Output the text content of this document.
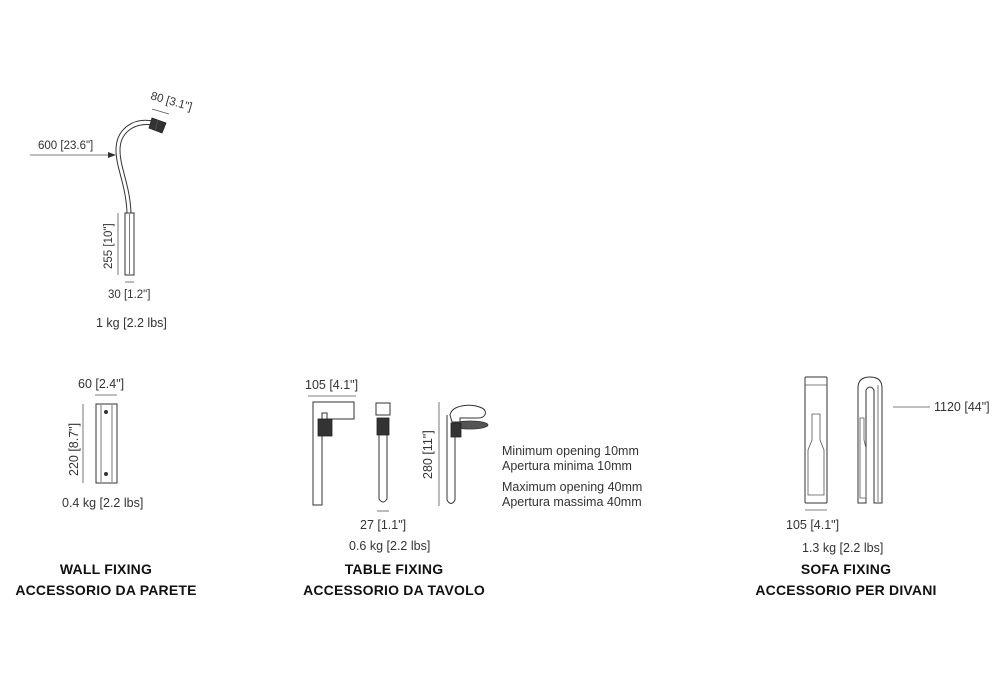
80 [3.1"]
600 [23.6"]
255 [10"]
30 [1.2"]
1 kg [2.2 lbs]
60 [2.4"]
220 [8.7"]
0.4 kg [2.2 lbs]
WALL FIXING
ACCESSORIO DA PARETE
105 [4.1"]
27 [1.1"]
280 [11"]	Minimum opening 10mm
Apertura minima 10mm
Maximum opening 40mm
Apertura massima 40mm
0.6 kg [2.2 lbs]
TABLE FIXING
ACCESSORIO DA TAVOLO
1120 [44"]
105 [4.1"]
1.3 kg [2.2 lbs]
SOFA FIXING
ACCESSORIO PER DIVANI
